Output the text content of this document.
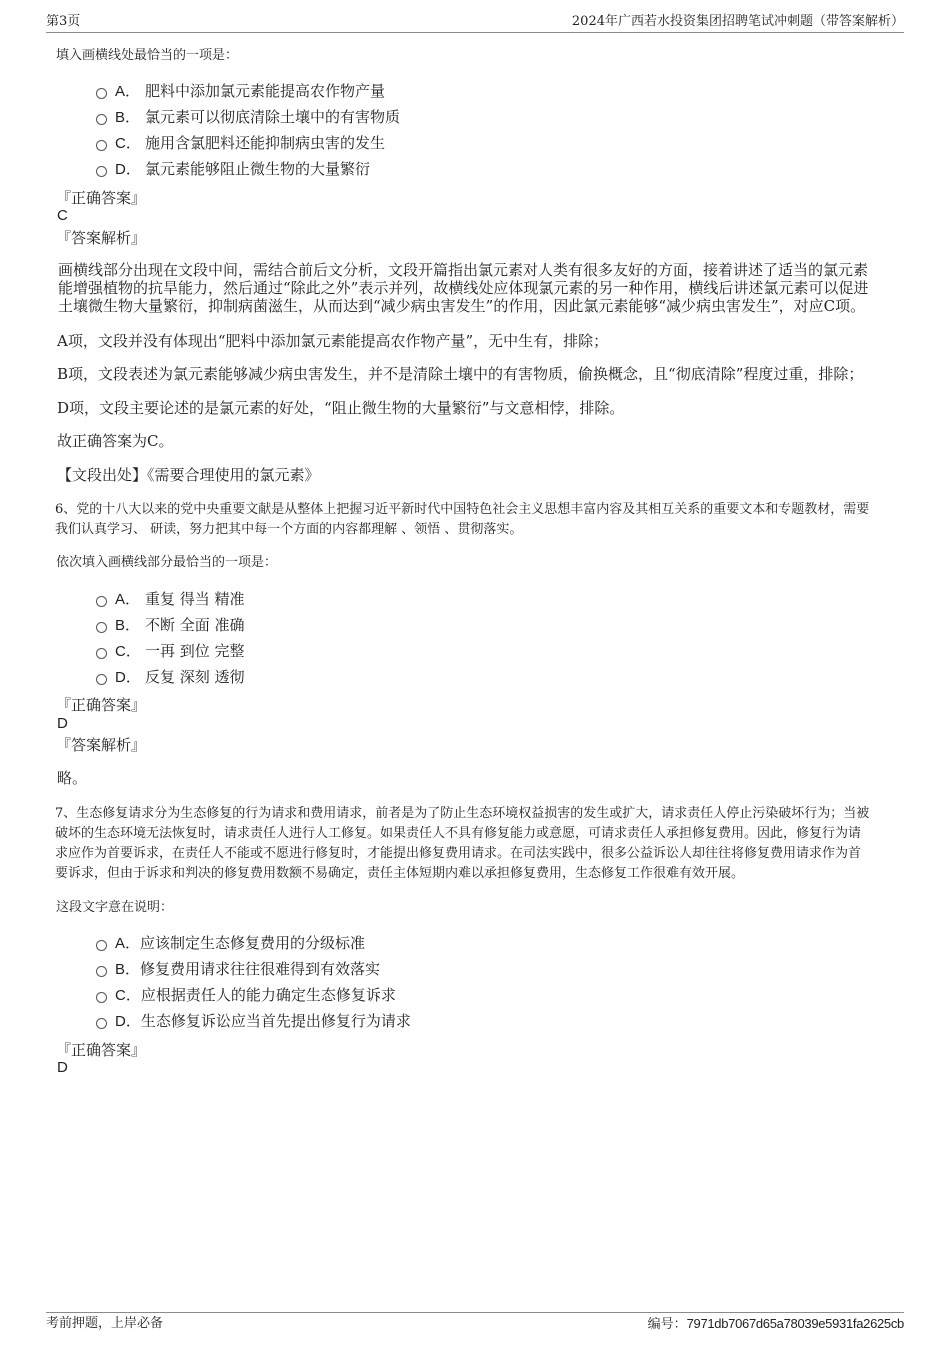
第3页	2024年广西若水投资集团招聘笔试冲刺题（带答案解析）
填入画横线处最恰当的一项是：
A． 肥料中添加氯元素能提高农作物产量
B． 氯元素可以彻底清除土壤中的有害物质
C． 施用含氯肥料还能抑制病虫害的发生
D． 氯元素能够阻止微生物的大量繁衍
『正确答案』
C
『答案解析』
画横线部分出现在文段中间，需结合前后文分析，文段开篇指出氯元素对人类有很多友好的方面，接着讲述了适当的氯元素
能增强植物的抗旱能力，然后通过“除此之外”表示并列，故横线处应体现氯元素的另一种作用，横线后讲述氯元素可以促进
土壤微生物大量繁衍，抑制病菌滋生，从而达到“减少病虫害发生”的作用，因此氯元素能够“减少病虫害发生”，对应C项。
A项，文段并没有体现出“肥料中添加氯元素能提高农作物产量”，无中生有，排除；
B项，文段表述为氯元素能够减少病虫害发生，并不是清除土壤中的有害物质，偷换概念，且“彻底清除”程度过重，排除；
D项，文段主要论述的是氯元素的好处，“阻止微生物的大量繁衍”与文意相悖，排除。
故正确答案为C。
【文段出处】《需要合理使用的氯元素》
6、党的十八大以来的党中央重要文献是从整体上把握习近平新时代中国特色社会主义思想丰富内容及其相互关系的重要文本和专题教材，需要
我们认真学习、 研读，努力把其中每一个方面的内容都理解 、领悟 、贯彻落实。
依次填入画横线部分最恰当的一项是：
A． 重复 得当 精准
B． 不断 全面 准确
C． 一再 到位 完整
D． 反复 深刻 透彻
『正确答案』
D
『答案解析』
略。
7、生态修复请求分为生态修复的行为请求和费用请求，前者是为了防止生态环境权益损害的发生或扩大，请求责任人停止污染破坏行为；当被
破坏的生态环境无法恢复时，请求责任人进行人工修复。如果责任人不具有修复能力或意愿，可请求责任人承担修复费用。因此，修复行为请
求应作为首要诉求，在责任人不能或不愿进行修复时，才能提出修复费用请求。在司法实践中，很多公益诉讼人却往往将修复费用请求作为首
要诉求，但由于诉求和判决的修复费用数额不易确定，责任主体短期内难以承担修复费用，生态修复工作很难有效开展。
这段文字意在说明：
A．应该制定生态修复费用的分级标准
B．修复费用请求往往很难得到有效落实
C．应根据责任人的能力确定生态修复诉求
D．生态修复诉讼应当首先提出修复行为请求
『正确答案』
D
考前押题，上岸必备	编号：7971db7067d65a78039e5931fa2625cb
